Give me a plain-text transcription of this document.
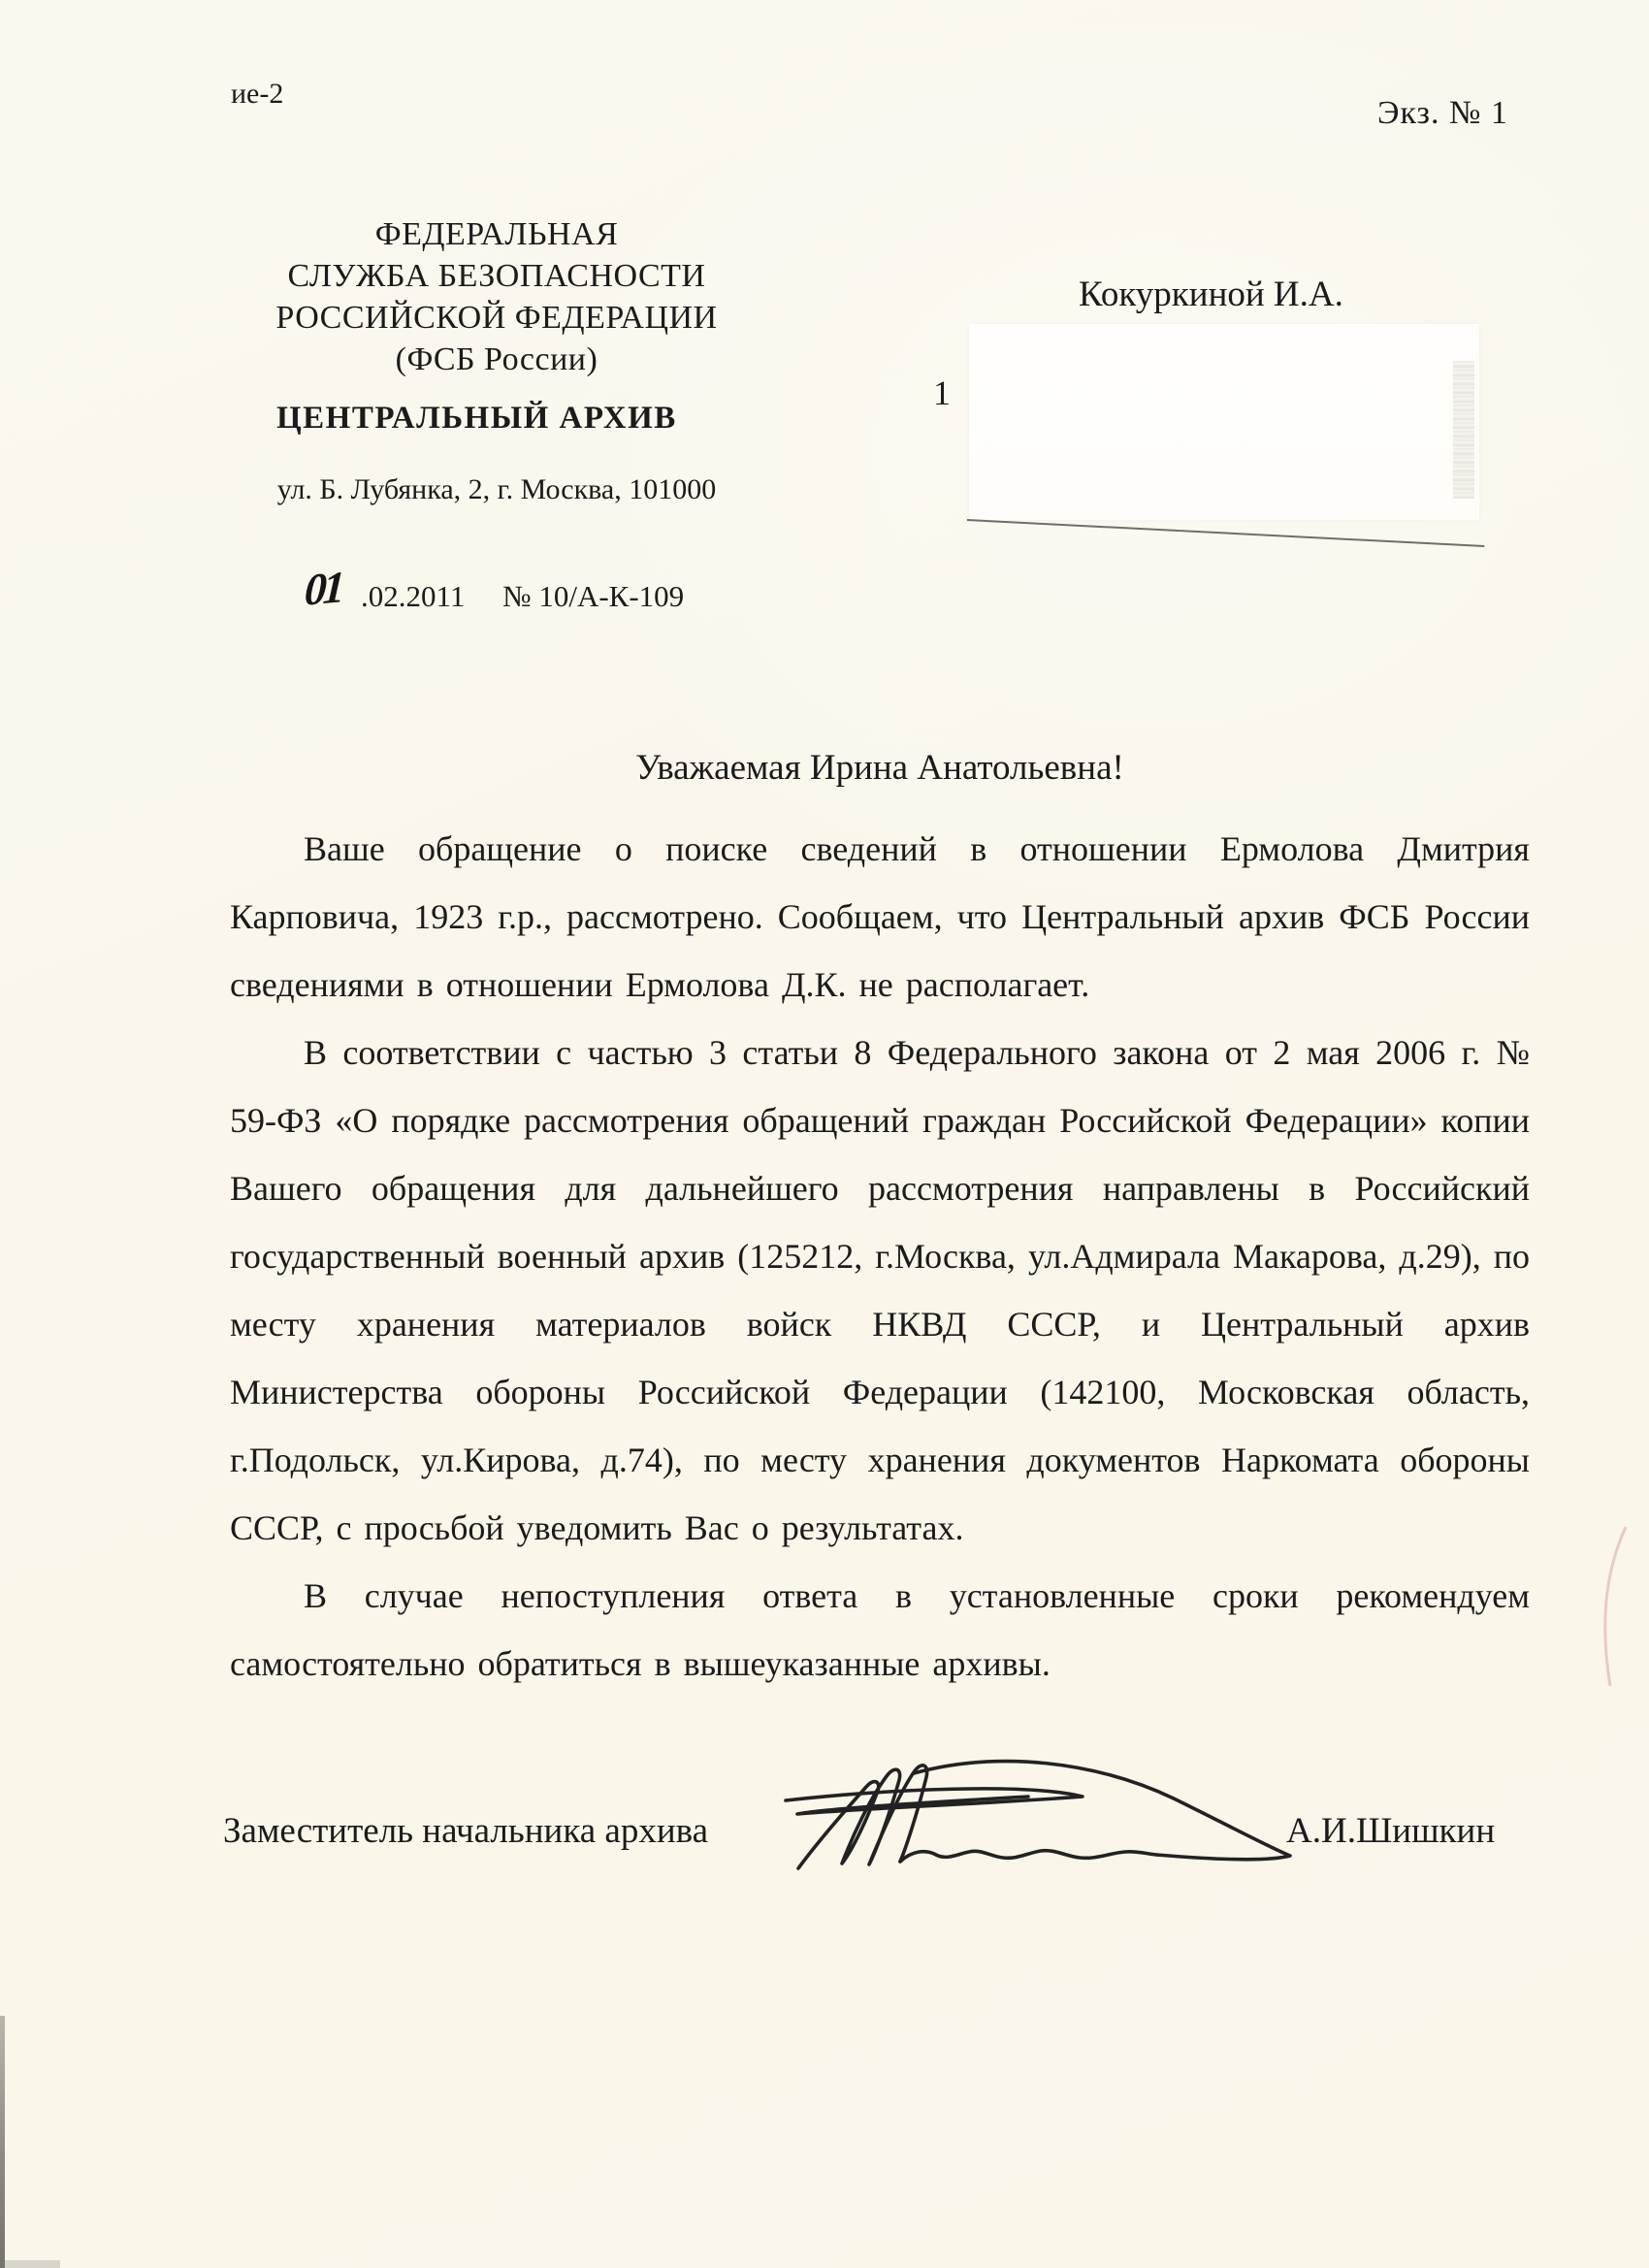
ие-2
Экз. № 1
ФЕДЕРАЛЬНАЯ
СЛУЖБА БЕЗОПАСНОСТИ
РОССИЙСКОЙ ФЕДЕРАЦИИ
(ФСБ России)
ЦЕНТРАЛЬНЫЙ АРХИВ
ул. Б. Лубянка, 2, г. Москва, 101000
01 .02.2011 № 10/А-К-109
Кокуркиной И.А.
1
Уважаемая Ирина Анатольевна!

Ваше обращение о поиске сведений в отношении Ермолова Дмитрия Карповича, 1923 г.р., рассмотрено. Сообщаем, что Центральный архив ФСБ России сведениями в отношении Ермолова Д.К. не располагает.

В соответствии с частью 3 статьи 8 Федерального закона от 2 мая 2006 г. № 59-ФЗ «О порядке рассмотрения обращений граждан Российской Федерации» копии Вашего обращения для дальнейшего рассмотрения направлены в Российский государственный военный архив (125212, г.Москва, ул.Адмирала Макарова, д.29), по месту хранения материалов войск НКВД СССР, и Центральный архив Министерства обороны Российской Федерации (142100, Московская область, г.Подольск, ул.Кирова, д.74), по месту хранения документов Наркомата обороны СССР, с просьбой уведомить Вас о результатах.

В случае непоступления ответа в установленные сроки рекомендуем самостоятельно обратиться в вышеуказанные архивы.

Заместитель начальника архива	А.И.Шишкин
